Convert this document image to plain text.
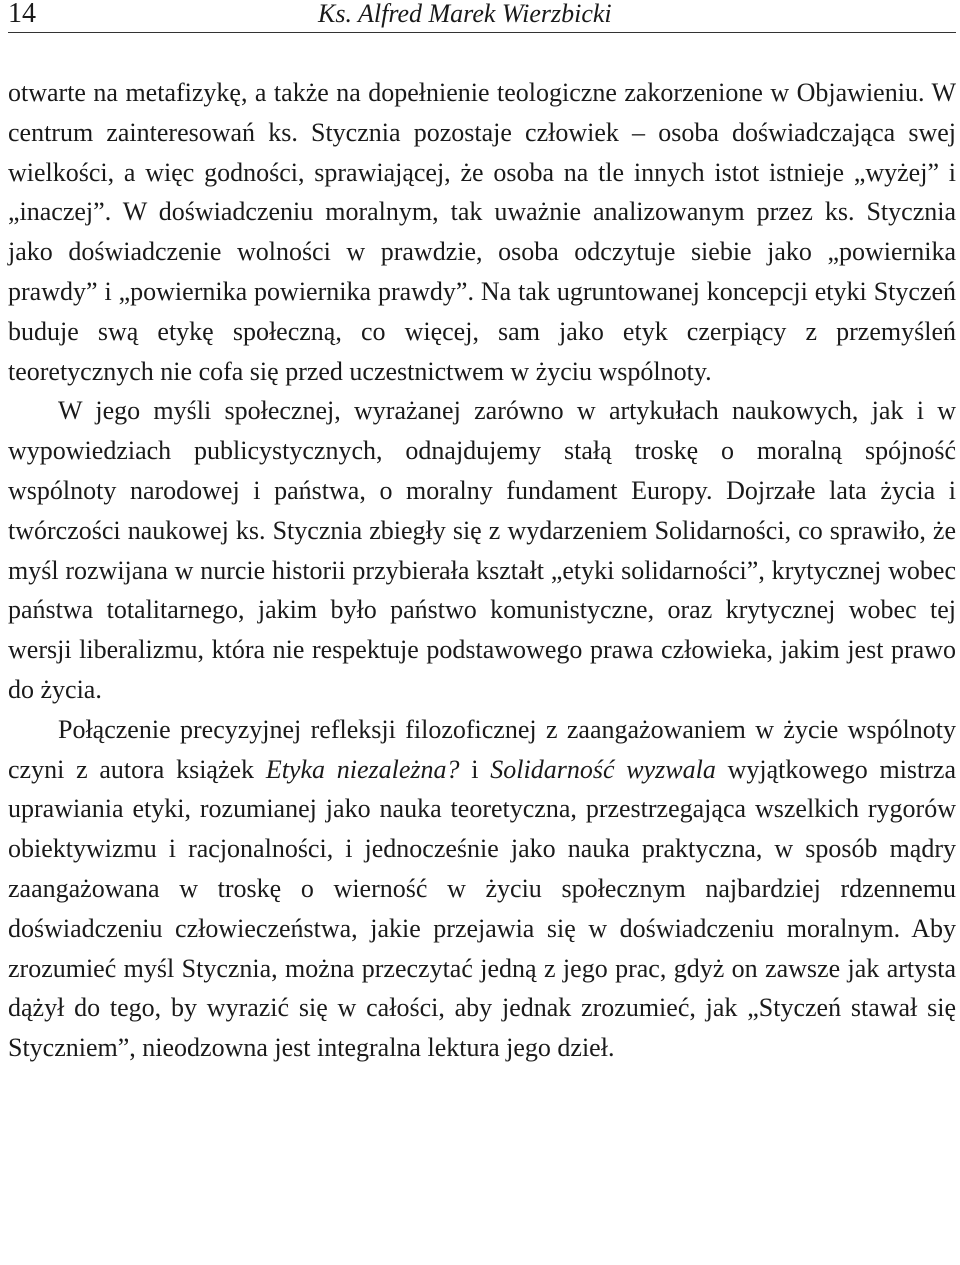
14	Ks. Alfred Marek Wierzbicki

otwarte na metafizykę, a także na dopełnienie teologiczne zakorzenione w Objawieniu. W centrum zainteresowań ks. Stycznia pozostaje człowiek – osoba doświadczająca swej wielkości, a więc godności, sprawiającej, że osoba na tle innych istot istnieje „wyżej” i „inaczej”. W doświadczeniu moralnym, tak uważnie analizowanym przez ks. Stycznia jako doświadczenie wolności w prawdzie, osoba odczytuje siebie jako „powiernika prawdy” i „powiernika powiernika prawdy”. Na tak ugruntowanej koncepcji etyki Styczeń buduje swą etykę społeczną, co więcej, sam jako etyk czerpiący z przemyśleń teoretycznych nie cofa się przed uczestnictwem w życiu wspólnoty.

W jego myśli społecznej, wyrażanej zarówno w artykułach naukowych, jak i w wypowiedziach publicystycznych, odnajdujemy stałą troskę o moralną spójność wspólnoty narodowej i państwa, o moralny fundament Europy. Dojrzałe lata życia i twórczości naukowej ks. Stycznia zbiegły się z wydarzeniem Solidarności, co sprawiło, że myśl rozwijana w nurcie historii przybierała kształt „etyki solidarności”, krytycznej wobec państwa totalitarnego, jakim było państwo komunistyczne, oraz krytycznej wobec tej wersji liberalizmu, która nie respektuje podstawowego prawa człowieka, jakim jest prawo do życia.

Połączenie precyzyjnej refleksji filozoficznej z zaangażowaniem w życie wspólnoty czyni z autora książek Etyka niezależna? i Solidarność wyzwala wyjątkowego mistrza uprawiania etyki, rozumianej jako nauka teoretyczna, przestrzegająca wszelkich rygorów obiektywizmu i racjonalności, i jednocześnie jako nauka praktyczna, w sposób mądry zaangażowana w troskę o wierność w życiu społecznym najbardziej rdzennemu doświadczeniu człowieczeństwa, jakie przejawia się w doświadczeniu moralnym. Aby zrozumieć myśl Stycznia, można przeczytać jedną z jego prac, gdyż on zawsze jak artysta dążył do tego, by wyrazić się w całości, aby jednak zrozumieć, jak „Styczeń stawał się Styczniem”, nieodzowna jest integralna lektura jego dzieł.
